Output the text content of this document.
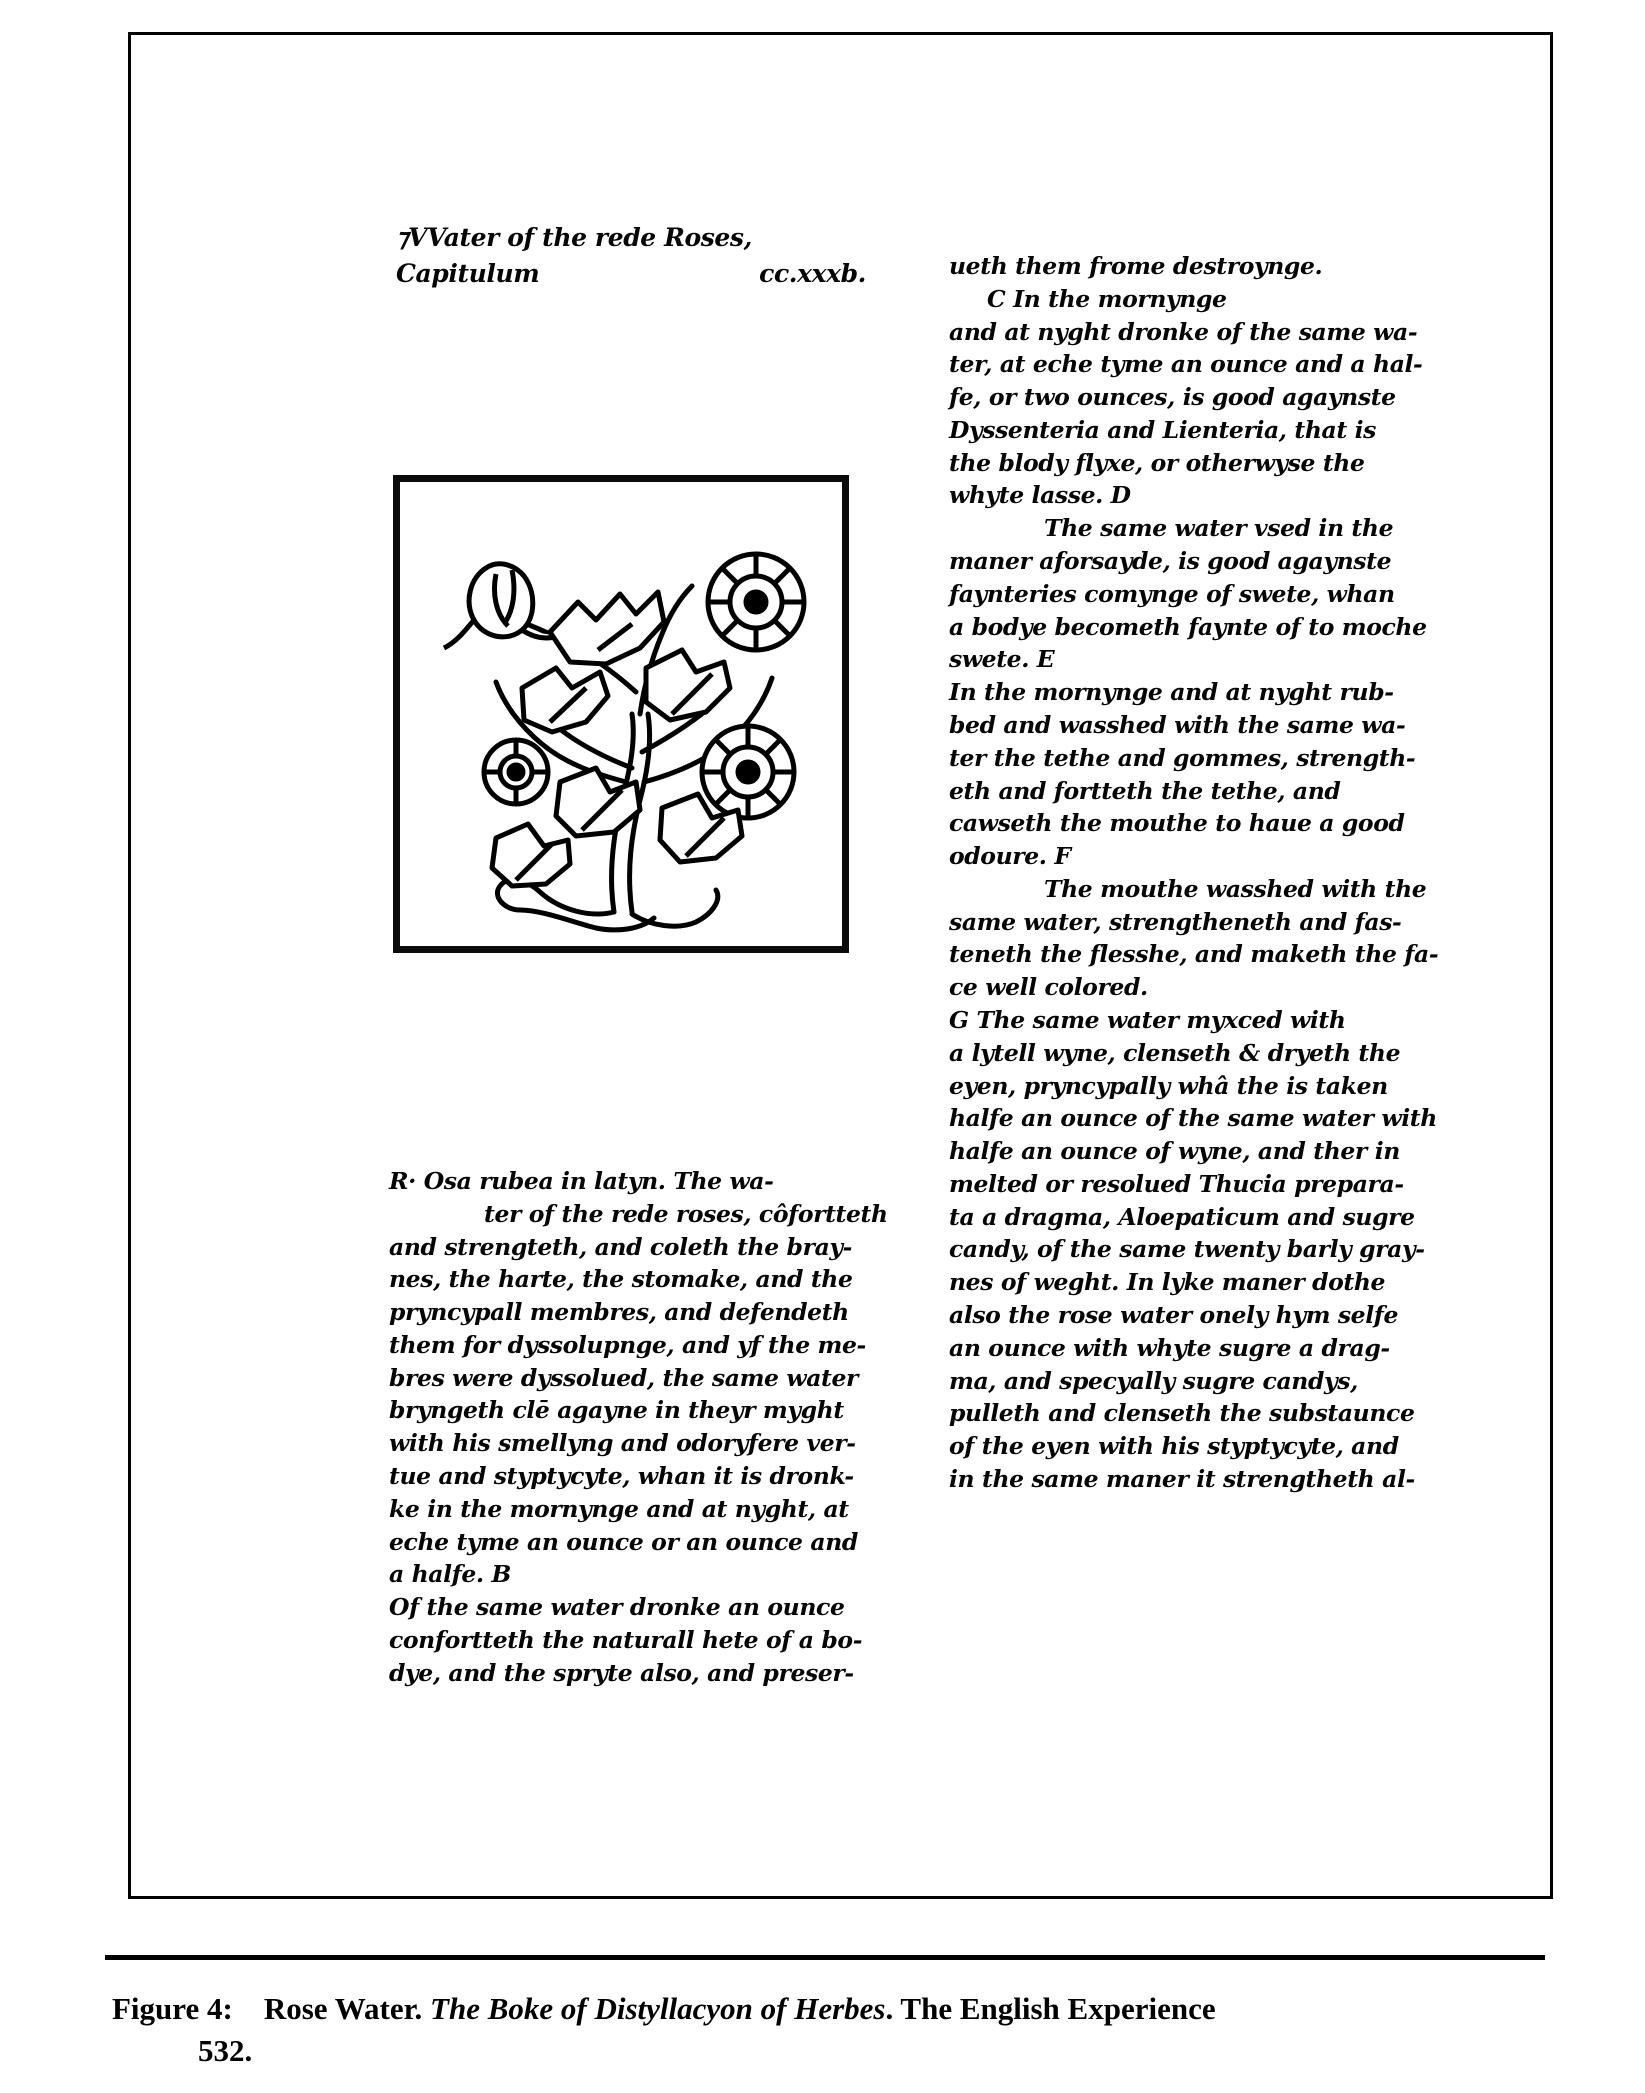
⁊VVater of the rede Roses,
Capitulum	cc.xxxb.
R· Osa rubea in latyn. The wa-
ter of the rede roses, côfortteth
and strengteth, and coleth the bray-
nes, the harte, the stomake, and the
pryncypall membres, and defendeth
them for dyssolupnge, and yf the me-
bres were dyssolued, the same water
bryngeth clē agayne in theyr myght
with his smellyng and odoryfere ver-
tue and styptycyte, whan it is dronk-
ke in the mornynge and at nyght, at
eche tyme an ounce or an ounce and
a halfe. B
Of the same water dronke an ounce
confortteth the naturall hete of a bo-
dye, and the spryte also, and preser-
ueth them frome destroynge.
C In the mornynge
and at nyght dronke of the same wa-
ter, at eche tyme an ounce and a hal-
fe, or two ounces, is good agaynste
Dyssenteria and Lienteria, that is
the blody flyxe, or otherwyse the
whyte lasse. D
The same water vsed in the
maner aforsayde, is good agaynste
faynteries comynge of swete, whan
a bodye becometh faynte of to moche
swete. E
In the mornynge and at nyght rub-
bed and wasshed with the same wa-
ter the tethe and gommes, strength-
eth and fortteth the tethe, and
cawseth the mouthe to haue a good
odoure. F
The mouthe wasshed with the
same water, strengtheneth and fas-
teneth the flesshe, and maketh the fa-
ce well colored.
G The same water myxced with
a lytell wyne, clenseth & dryeth the
eyen, pryncypally whâ the is taken
halfe an ounce of the same water with
halfe an ounce of wyne, and ther in
melted or resolued Thucia prepara-
ta a dragma, Aloepaticum and sugre
candy, of the same twenty barly gray-
nes of weght. In lyke maner dothe
also the rose water onely hym selfe
an ounce with whyte sugre a drag-
ma, and specyally sugre candys,
pulleth and clenseth the substaunce
of the eyen with his styptycyte, and
in the same maner it strengtheth al-
Figure 4: Rose Water. The Boke of Distyllacyon of Herbes. The English Experience
532.
